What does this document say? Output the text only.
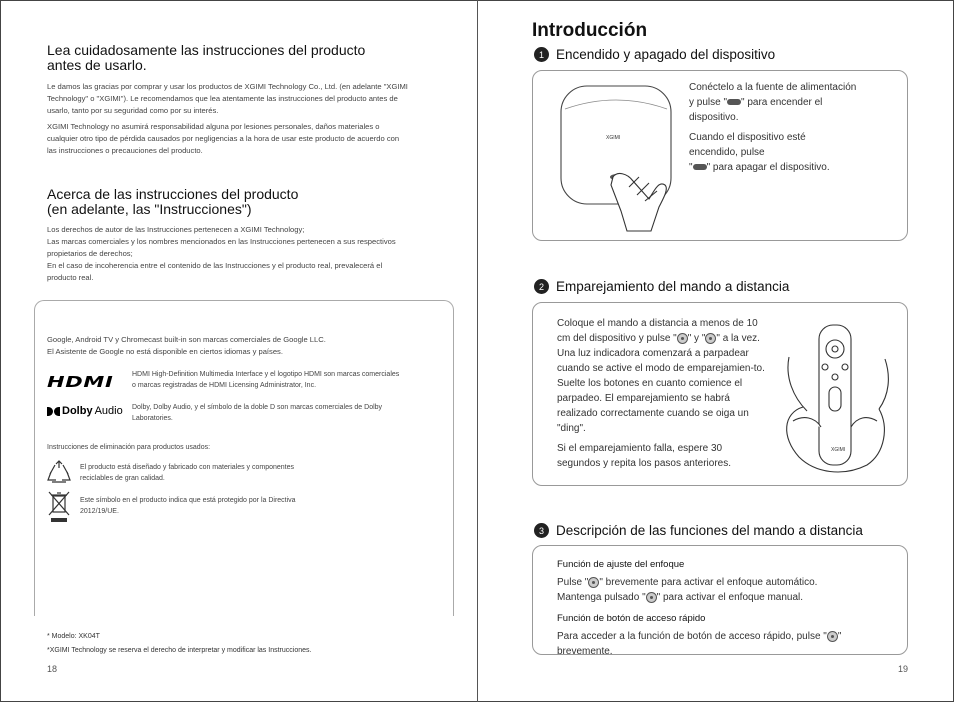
Lea cuidadosamente las instrucciones del producto antes de usarlo.

Le damos las gracias por comprar y usar los productos de XGIMI Technology Co., Ltd. (en adelante "XGIMI Technology" o "XGIMI"). Le recomendamos que lea atentamente las instrucciones del producto antes de usarlo, tanto por su seguridad como por su interés.

XGIMI Technology no asumirá responsabilidad alguna por lesiones personales, daños materiales o cualquier otro tipo de pérdida causados por negligencias a la hora de usar este producto de acuerdo con las instrucciones o precauciones del producto.

Acerca de las instrucciones del producto
(en adelante, las "Instrucciones")
Los derechos de autor de las Instrucciones pertenecen a XGIMI Technology;
Las marcas comerciales y los nombres mencionados en las Instrucciones pertenecen a sus respectivos propietarios de derechos;
En el caso de incoherencia entre el contenido de las Instrucciones y el producto real, prevalecerá el producto real.
Google, Android TV y Chromecast built-in son marcas comerciales de Google LLC.
El Asistente de Google no está disponible en ciertos idiomas y países.
HDMI	HDMI High-Definition Multimedia Interface y el logotipo HDMI son marcas comerciales o marcas registradas de HDMI Licensing Administrator, Inc.
Dolby Audio Dolby, Dolby Audio, y el símbolo de la doble D son marcas comerciales de Dolby Laboratories.
Instrucciones de eliminación para productos usados:
El producto está diseñado y fabricado con materiales y componentes reciclables de gran calidad.
Este símbolo en el producto indica que está protegido por la Directiva 2012/19/UE.
* Modelo: XK04T
*XGIMI Technology se reserva el derecho de interpretar y modificar las Instrucciones.
18
Introducción
1 Encendido y apagado del dispositivo
XGIMI

Conéctelo a la fuente de alimentación
y pulse " " para encender el dispositivo.

Cuando el dispositivo esté encendido, pulse
" " para apagar el dispositivo.

2 Emparejamiento del mando a distancia

Coloque el mando a distancia a menos de 10 cm del dispositivo y pulse " " y " " a la vez. Una luz indicadora comenzará a parpadear cuando se active el modo de emparejamien-to. Suelte los botones en cuanto comience el parpadeo. El emparejamiento se habrá realizado correctamente cuando se oiga un "ding".

Si el emparejamiento falla, espere 30 segundos y repita los pasos anteriores.

XGIMI
3 Descripción de las funciones del mando a distancia
Función de ajuste del enfoque
Pulse " " brevemente para activar el enfoque automático.
Mantenga pulsado " " para activar el enfoque manual.
Función de botón de acceso rápido
Para acceder a la función de botón de acceso rápido, pulse " " brevemente.
19
